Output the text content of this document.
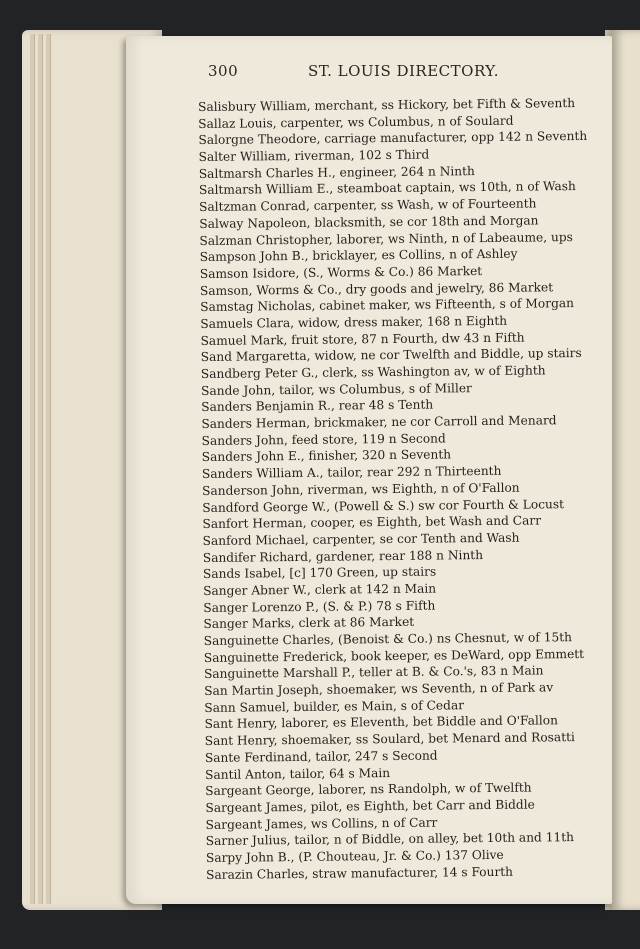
300	ST. LOUIS DIRECTORY.
Salisbury William, merchant, ss Hickory, bet Fifth & Seventh
Sallaz Louis, carpenter, ws Columbus, n of Soulard
Salorgne Theodore, carriage manufacturer, opp 142 n Seventh
Salter William, riverman, 102 s Third
Saltmarsh Charles H., engineer, 264 n Ninth
Saltmarsh William E., steamboat captain, ws 10th, n of Wash
Saltzman Conrad, carpenter, ss Wash, w of Fourteenth
Salway Napoleon, blacksmith, se cor 18th and Morgan
Salzman Christopher, laborer, ws Ninth, n of Labeaume, ups
Sampson John B., bricklayer, es Collins, n of Ashley
Samson Isidore, (S., Worms & Co.) 86 Market
Samson, Worms & Co., dry goods and jewelry, 86 Market
Samstag Nicholas, cabinet maker, ws Fifteenth, s of Morgan
Samuels Clara, widow, dress maker, 168 n Eighth
Samuel Mark, fruit store, 87 n Fourth, dw 43 n Fifth
Sand Margaretta, widow, ne cor Twelfth and Biddle, up stairs
Sandberg Peter G., clerk, ss Washington av, w of Eighth
Sande John, tailor, ws Columbus, s of Miller
Sanders Benjamin R., rear 48 s Tenth
Sanders Herman, brickmaker, ne cor Carroll and Menard
Sanders John, feed store, 119 n Second
Sanders John E., finisher, 320 n Seventh
Sanders William A., tailor, rear 292 n Thirteenth
Sanderson John, riverman, ws Eighth, n of O'Fallon
Sandford George W., (Powell & S.) sw cor Fourth & Locust
Sanfort Herman, cooper, es Eighth, bet Wash and Carr
Sanford Michael, carpenter, se cor Tenth and Wash
Sandifer Richard, gardener, rear 188 n Ninth
Sands Isabel, [c] 170 Green, up stairs
Sanger Abner W., clerk at 142 n Main
Sanger Lorenzo P., (S. & P.) 78 s Fifth
Sanger Marks, clerk at 86 Market
Sanguinette Charles, (Benoist & Co.) ns Chesnut, w of 15th
Sanguinette Frederick, book keeper, es DeWard, opp Emmett
Sanguinette Marshall P., teller at B. & Co.'s, 83 n Main
San Martin Joseph, shoemaker, ws Seventh, n of Park av
Sann Samuel, builder, es Main, s of Cedar
Sant Henry, laborer, es Eleventh, bet Biddle and O'Fallon
Sant Henry, shoemaker, ss Soulard, bet Menard and Rosatti
Sante Ferdinand, tailor, 247 s Second
Santil Anton, tailor, 64 s Main
Sargeant George, laborer, ns Randolph, w of Twelfth
Sargeant James, pilot, es Eighth, bet Carr and Biddle
Sargeant James, ws Collins, n of Carr
Sarner Julius, tailor, n of Biddle, on alley, bet 10th and 11th
Sarpy John B., (P. Chouteau, Jr. & Co.) 137 Olive
Sarazin Charles, straw manufacturer, 14 s Fourth
